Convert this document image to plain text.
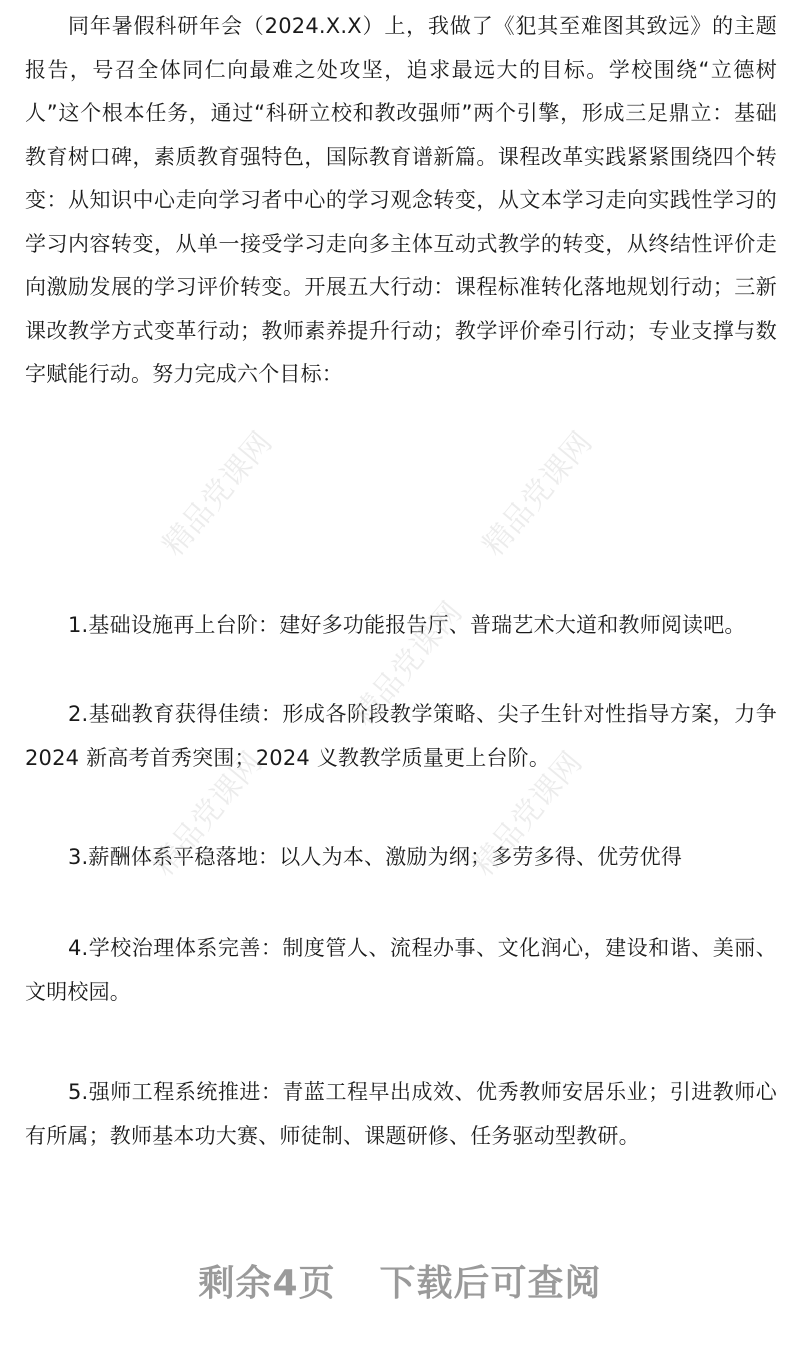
同年暑假科研年会（2024.X.X）上，我做了《犯其至难图其致远》的主题报告，号召全体同仁向最难之处攻坚，追求最远大的目标。学校围绕“立德树人”这个根本任务，通过“科研立校和教改强师”两个引擎，形成三足鼎立：基础教育树口碑，素质教育强特色，国际教育谱新篇。课程改革实践紧紧围绕四个转变：从知识中心走向学习者中心的学习观念转变，从文本学习走向实践性学习的学习内容转变，从单一接受学习走向多主体互动式教学的转变，从终结性评价走向激励发展的学习评价转变。开展五大行动：课程标准转化落地规划行动；三新课改教学方式变革行动；教师素养提升行动；教学评价牵引行动；专业支撑与数字赋能行动。努力完成六个目标：

1.基础设施再上台阶：建好多功能报告厅、普瑞艺术大道和教师阅读吧。

2.基础教育获得佳绩：形成各阶段教学策略、尖子生针对性指导方案，力争 2024 新高考首秀突围；2024 义教教学质量更上台阶。

3.薪酬体系平稳落地：以人为本、激励为纲；多劳多得、优劳优得

4.学校治理体系完善：制度管人、流程办事、文化润心，建设和谐、美丽、文明校园。

5.强师工程系统推进：青蓝工程早出成效、优秀教师安居乐业；引进教师心有所属；教师基本功大赛、师徒制、课题研修、任务驱动型教研。

精品党课网	精品党课网
精品党课网
精品党课网	精品党课网
剩余4页 下载后可查阅
